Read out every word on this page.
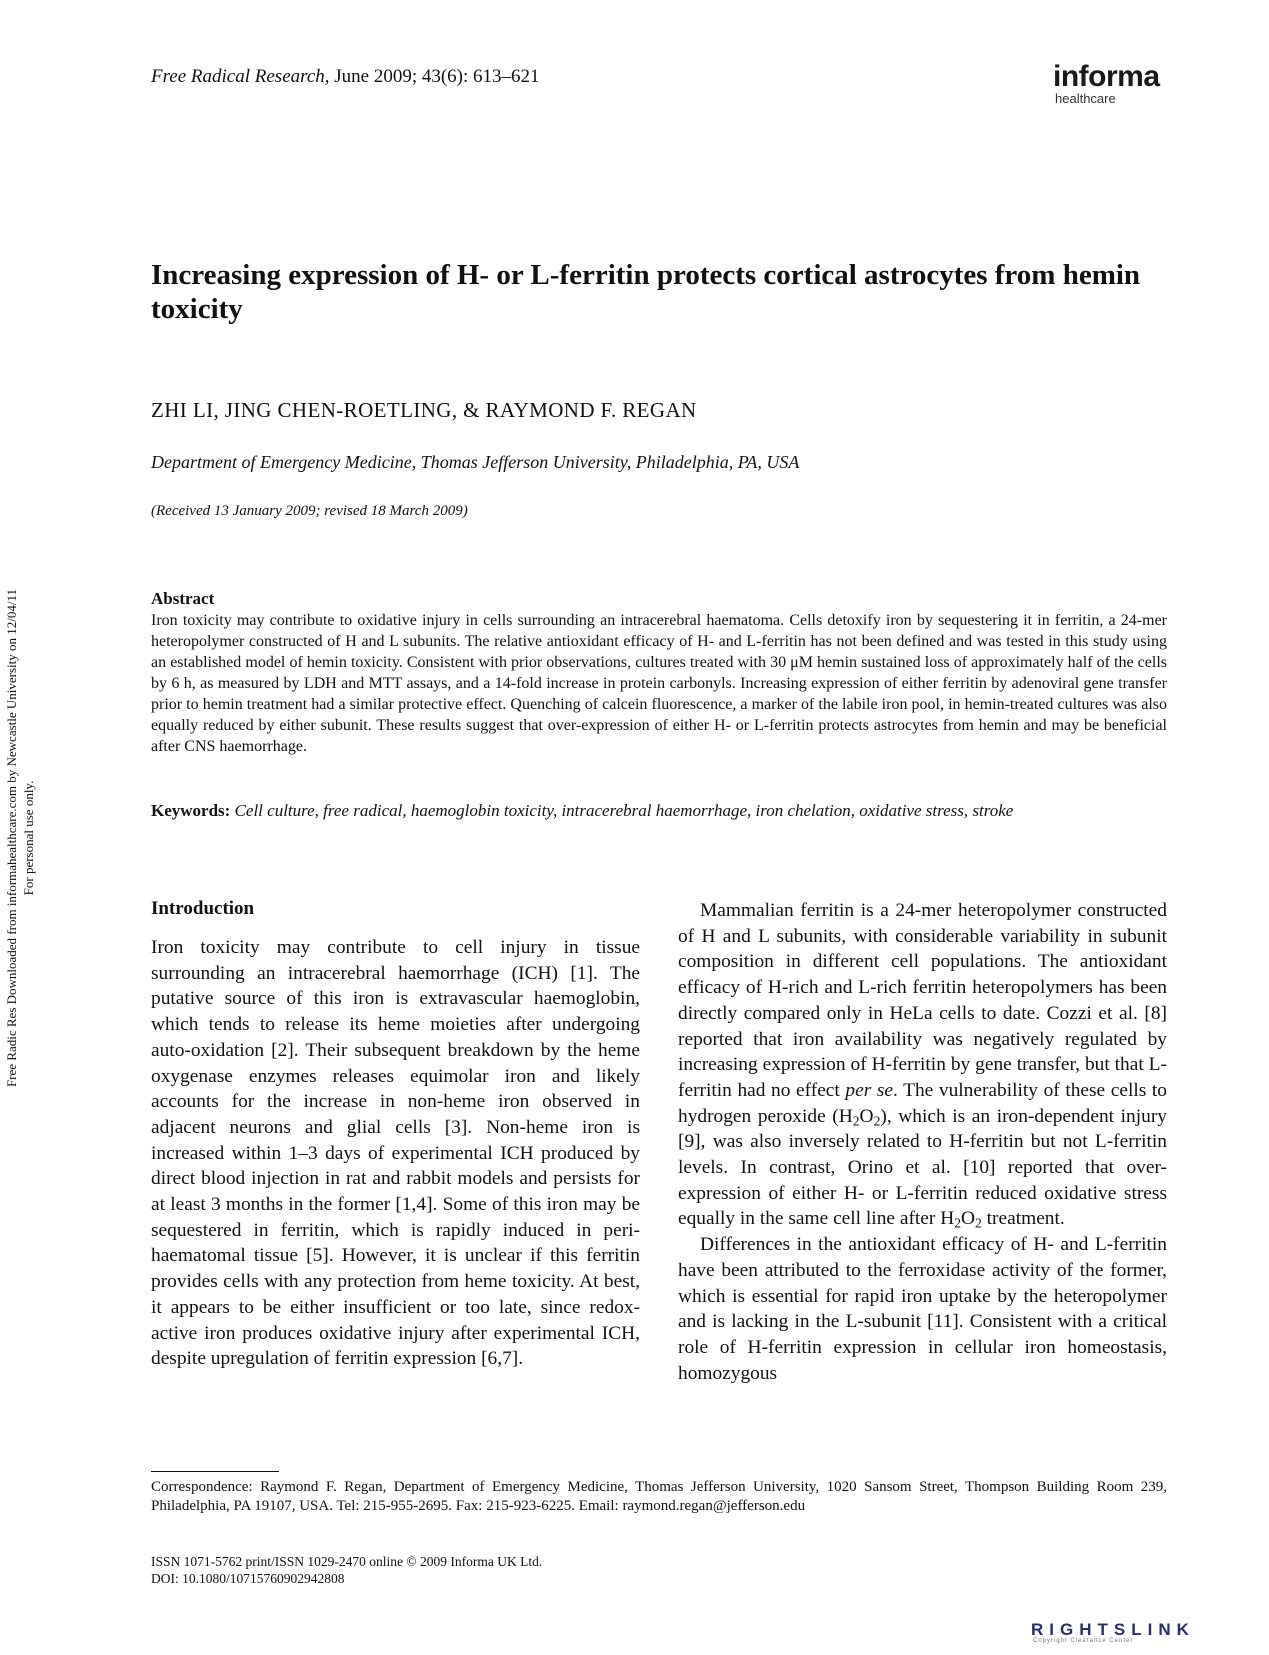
Free Radical Research, June 2009; 43(6): 613–621	informa
healthcare
Increasing expression of H- or L-ferritin protects cortical astrocytes from hemin toxicity
ZHI LI, JING CHEN-ROETLING, & RAYMOND F. REGAN
Department of Emergency Medicine, Thomas Jefferson University, Philadelphia, PA, USA
(Received 13 January 2009; revised 18 March 2009)
Abstract
Iron toxicity may contribute to oxidative injury in cells surrounding an intracerebral haematoma. Cells detoxify iron by sequestering it in ferritin, a 24-mer heteropolymer constructed of H and L subunits. The relative antioxidant efficacy of H- and L-ferritin has not been defined and was tested in this study using an established model of hemin toxicity. Consistent with prior observations, cultures treated with 30 μM hemin sustained loss of approximately half of the cells by 6 h, as measured by LDH and MTT assays, and a 14-fold increase in protein carbonyls. Increasing expression of either ferritin by adenoviral gene transfer prior to hemin treatment had a similar protective effect. Quenching of calcein fluorescence, a marker of the labile iron pool, in hemin-treated cultures was also equally reduced by either subunit. These results suggest that over-expression of either H- or L-ferritin protects astrocytes from hemin and may be beneficial after CNS haemorrhage.
Keywords: Cell culture, free radical, haemoglobin toxicity, intracerebral haemorrhage, iron chelation, oxidative stress, stroke
Introduction

Iron toxicity may contribute to cell injury in tissue surrounding an intracerebral haemorrhage (ICH) [1]. The putative source of this iron is extravascular haemoglobin, which tends to release its heme moieties after undergoing auto-oxidation [2]. Their subsequent breakdown by the heme oxygenase enzymes releases equimolar iron and likely accounts for the increase in non-heme iron observed in adjacent neurons and glial cells [3]. Non-heme iron is increased within 1–3 days of experimental ICH produced by direct blood injection in rat and rabbit models and persists for at least 3 months in the former [1,4]. Some of this iron may be sequestered in ferritin, which is rapidly induced in peri-haematomal tissue [5]. However, it is unclear if this ferritin provides cells with any protection from heme toxicity. At best, it appears to be either insufficient or too late, since redox-active iron produces oxidative injury after experimental ICH, despite upregulation of ferritin expression [6,7].

Mammalian ferritin is a 24-mer heteropolymer constructed of H and L subunits, with considerable variability in subunit composition in different cell populations. The antioxidant efficacy of H-rich and L-rich ferritin heteropolymers has been directly compared only in HeLa cells to date. Cozzi et al. [8] reported that iron availability was negatively regulated by increasing expression of H-ferritin by gene transfer, but that L-ferritin had no effect per se. The vulnerability of these cells to hydrogen peroxide $(H_2O_2)$, which is an iron-dependent injury [9], was also inversely related to H-ferritin but not L-ferritin levels. In contrast, Orino et al. [10] reported that over-expression of either H- or L-ferritin reduced oxidative stress equally in the same cell line after $H_2O_2$ treatment.

Differences in the antioxidant efficacy of H- and L-ferritin have been attributed to the ferroxidase activity of the former, which is essential for rapid iron uptake by the heteropolymer and is lacking in the L-subunit [11]. Consistent with a critical role of H-ferritin expression in cellular iron homeostasis, homozygous

Correspondence: Raymond F. Regan, Department of Emergency Medicine, Thomas Jefferson University, 1020 Sansom Street, Thompson Building Room 239, Philadelphia, PA 19107, USA. Tel: 215-955-2695. Fax: 215-923-6225. Email: raymond.regan@jefferson.edu
ISSN 1071-5762 print/ISSN 1029-2470 online © 2009 Informa UK Ltd.
DOI: 10.1080/10715760902942808
Free Radic Res Downloaded from informahealthcare.com by Newcastle University on 12/04/11 For personal use only.
RIGHTSLINK
Copyright Clearance Center
